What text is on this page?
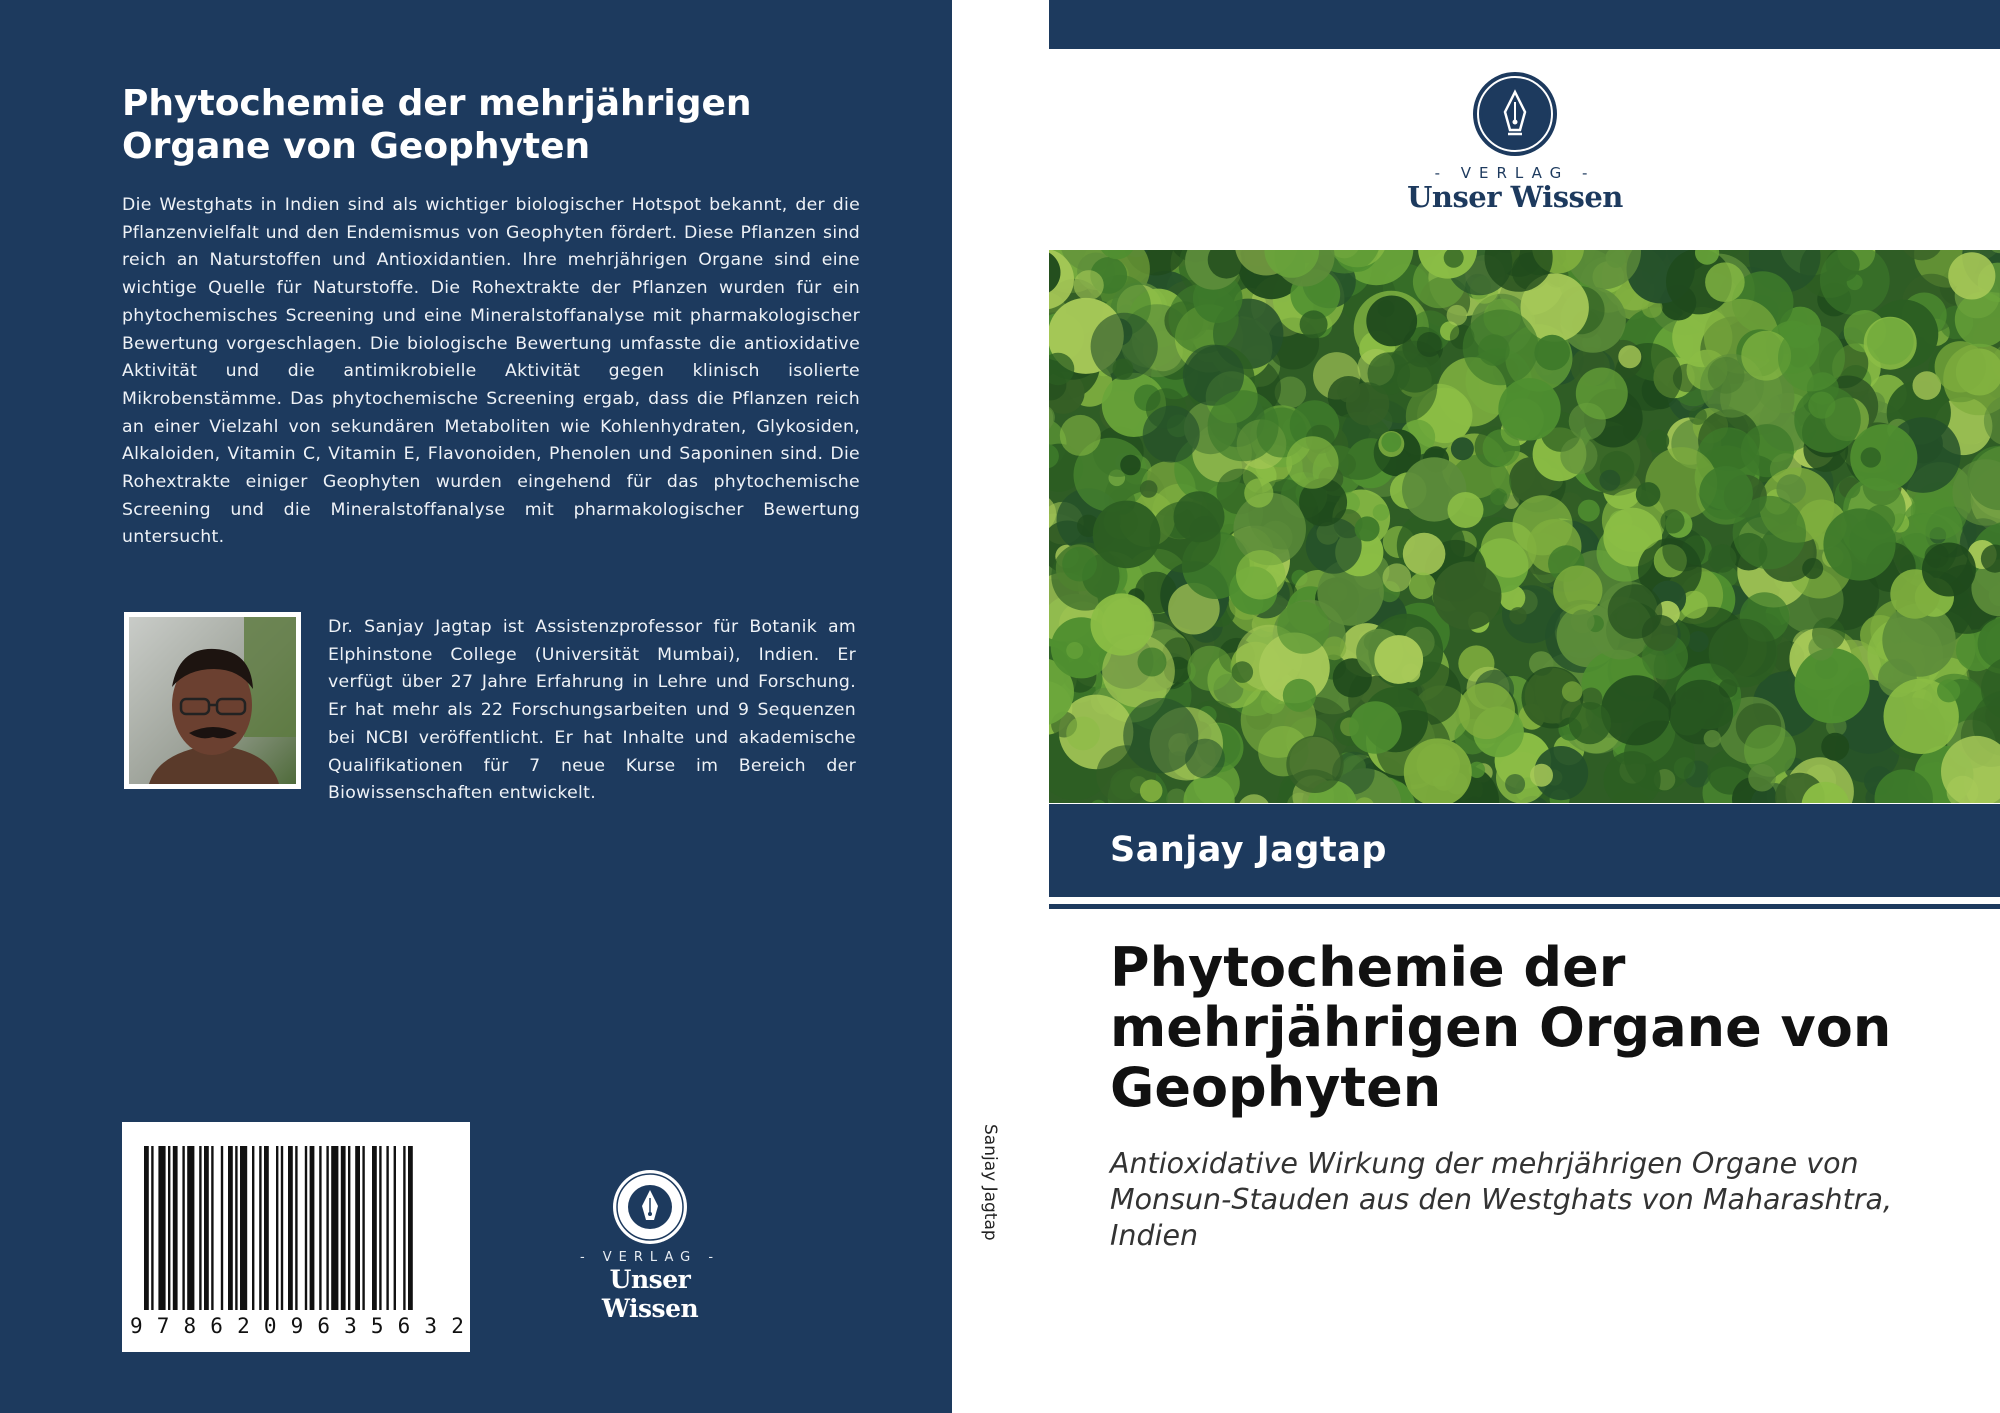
Phytochemie der mehrjährigen Organe von Geophyten

Die Westghats in Indien sind als wichtiger biologischer Hotspot bekannt, der die Pflanzenvielfalt und den Endemismus von Geophyten fördert. Diese Pflanzen sind reich an Naturstoffen und Antioxidantien. Ihre mehrjährigen Organe sind eine wichtige Quelle für Naturstoffe. Die Rohextrakte der Pflanzen wurden für ein phytochemisches Screening und eine Mineralstoffanalyse mit pharmakologischer Bewertung vorgeschlagen. Die biologische Bewertung umfasste die antioxidative Aktivität und die antimikrobielle Aktivität gegen klinisch isolierte Mikrobenstämme. Das phytochemische Screening ergab, dass die Pflanzen reich an einer Vielzahl von sekundären Metaboliten wie Kohlenhydraten, Glykosiden, Alkaloiden, Vitamin C, Vitamin E, Flavonoiden, Phenolen und Saponinen sind. Die Rohextrakte einiger Geophyten wurden eingehend für das phytochemische Screening und die Mineralstoffanalyse mit pharmakologischer Bewertung untersucht.

Dr. Sanjay Jagtap ist Assistenzprofessor für Botanik am Elphinstone College (Universität Mumbai), Indien. Er verfügt über 27 Jahre Erfahrung in Lehre und Forschung. Er hat mehr als 22 Forschungsarbeiten und 9 Sequenzen bei NCBI veröffentlicht. Er hat Inhalte und akademische Qualifikationen für 7 neue Kurse im Bereich der Biowissenschaften entwickelt.

9 7 8 6 2 0 9 6 3 5 6 3 2
- VERLAG -
Unser Wissen
Sanjay Jagtap
- VERLAG -
Unser Wissen
Sanjay Jagtap
Phytochemie der mehrjährigen Organe von Geophyten

Antioxidative Wirkung der mehrjährigen Organe von Monsun-Stauden aus den Westghats von Maharashtra, Indien
